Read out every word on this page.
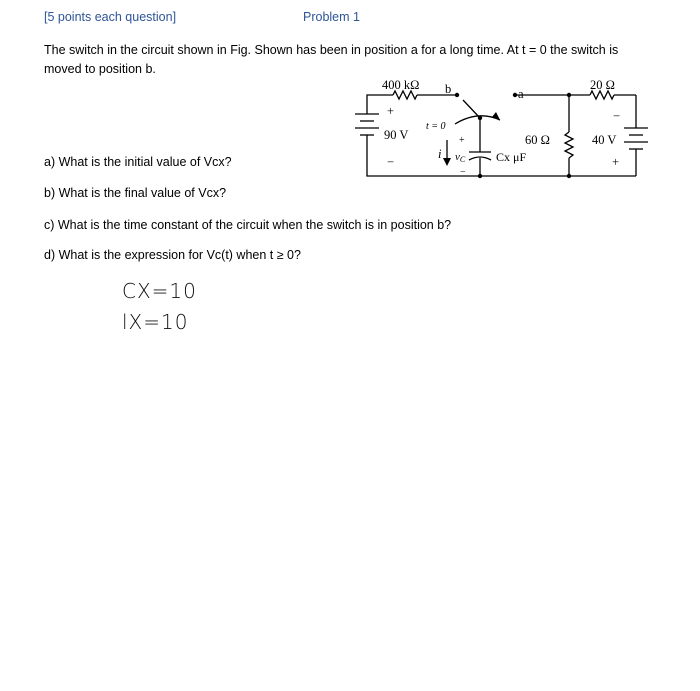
[5 points each question]	Problem 1
The switch in the circuit shown in Fig. Shown has been in position a for a long time. At t = 0 the switch is moved to position b.
a) What is the initial value of Vcx?
b) What is the final value of Vcx?
c) What is the time constant of the circuit when the switch is in position b?
d) What is the expression for Vc(t) when t ≥ 0?
CX=10
lX=10
400 kΩ b	a
20 Ω
+
90 V
−
t = 0
+
−
i vC	Cx μF
60 Ω
−
40 V
+
